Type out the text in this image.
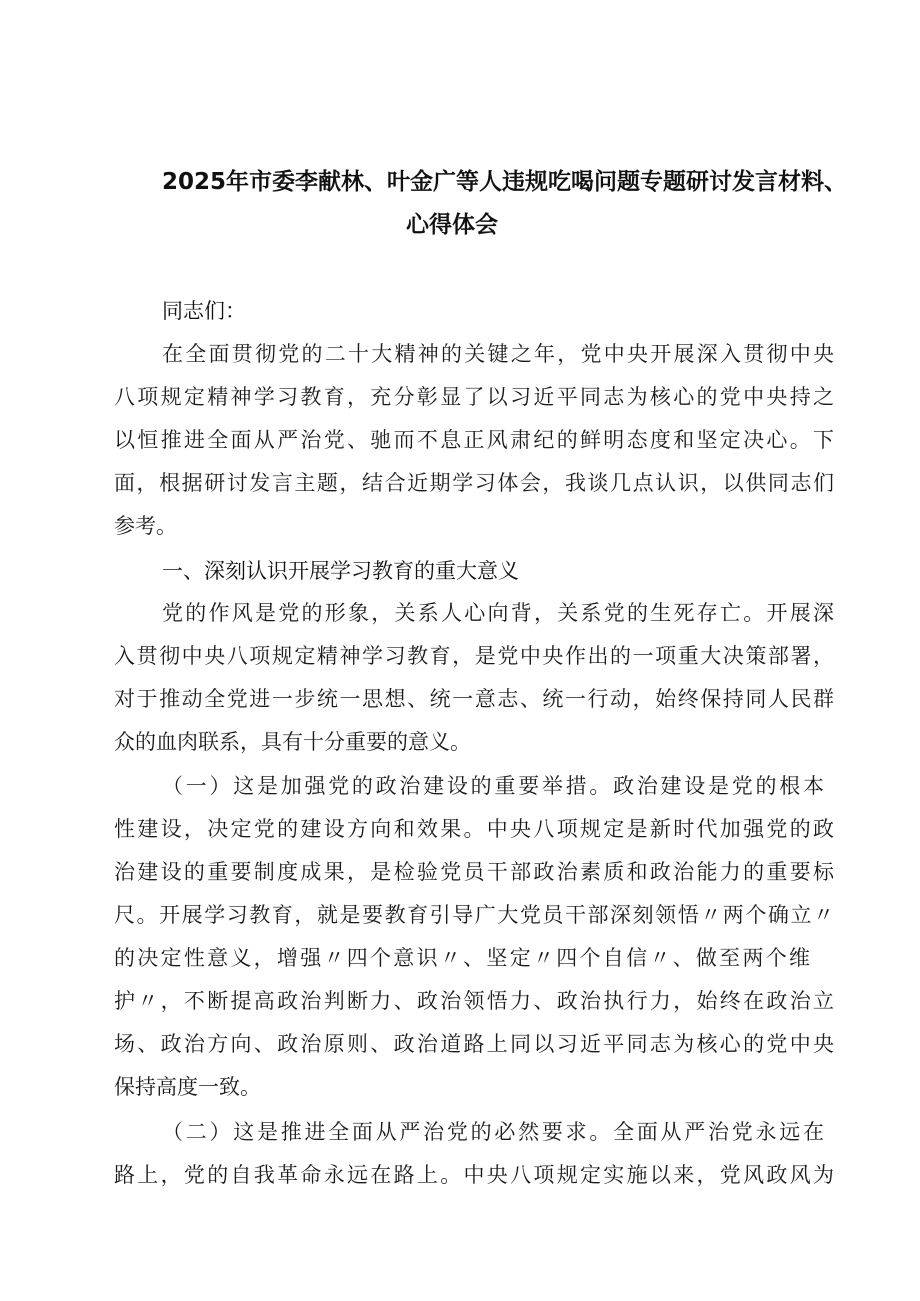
2025年市委李献林、叶金广等人违规吃喝问题专题研讨发言材料、
心得体会
同志们：
在全面贯彻党的二十大精神的关键之年，党中央开展深入贯彻中央
八项规定精神学习教育，充分彰显了以习近平同志为核心的党中央持之
以恒推进全面从严治党、驰而不息正风肃纪的鲜明态度和坚定决心。下
面，根据研讨发言主题，结合近期学习体会，我谈几点认识，以供同志们
参考。
一、深刻认识开展学习教育的重大意义
党的作风是党的形象，关系人心向背，关系党的生死存亡。开展深
入贯彻中央八项规定精神学习教育，是党中央作出的一项重大决策部署，
对于推动全党进一步统一思想、统一意志、统一行动，始终保持同人民群
众的血肉联系，具有十分重要的意义。
（一）这是加强党的政治建设的重要举措。政治建设是党的根本
性建设，决定党的建设方向和效果。中央八项规定是新时代加强党的政
治建设的重要制度成果，是检验党员干部政治素质和政治能力的重要标
尺。开展学习教育，就是要教育引导广大党员干部深刻领悟〃两个确立〃
的决定性意义，增强〃四个意识〃、坚定〃四个自信〃、做至两个维
护〃，不断提高政治判断力、政治领悟力、政治执行力，始终在政治立
场、政治方向、政治原则、政治道路上同以习近平同志为核心的党中央
保持高度一致。
（二）这是推进全面从严治党的必然要求。全面从严治党永远在
路上，党的自我革命永远在路上。中央八项规定实施以来，党风政风为
